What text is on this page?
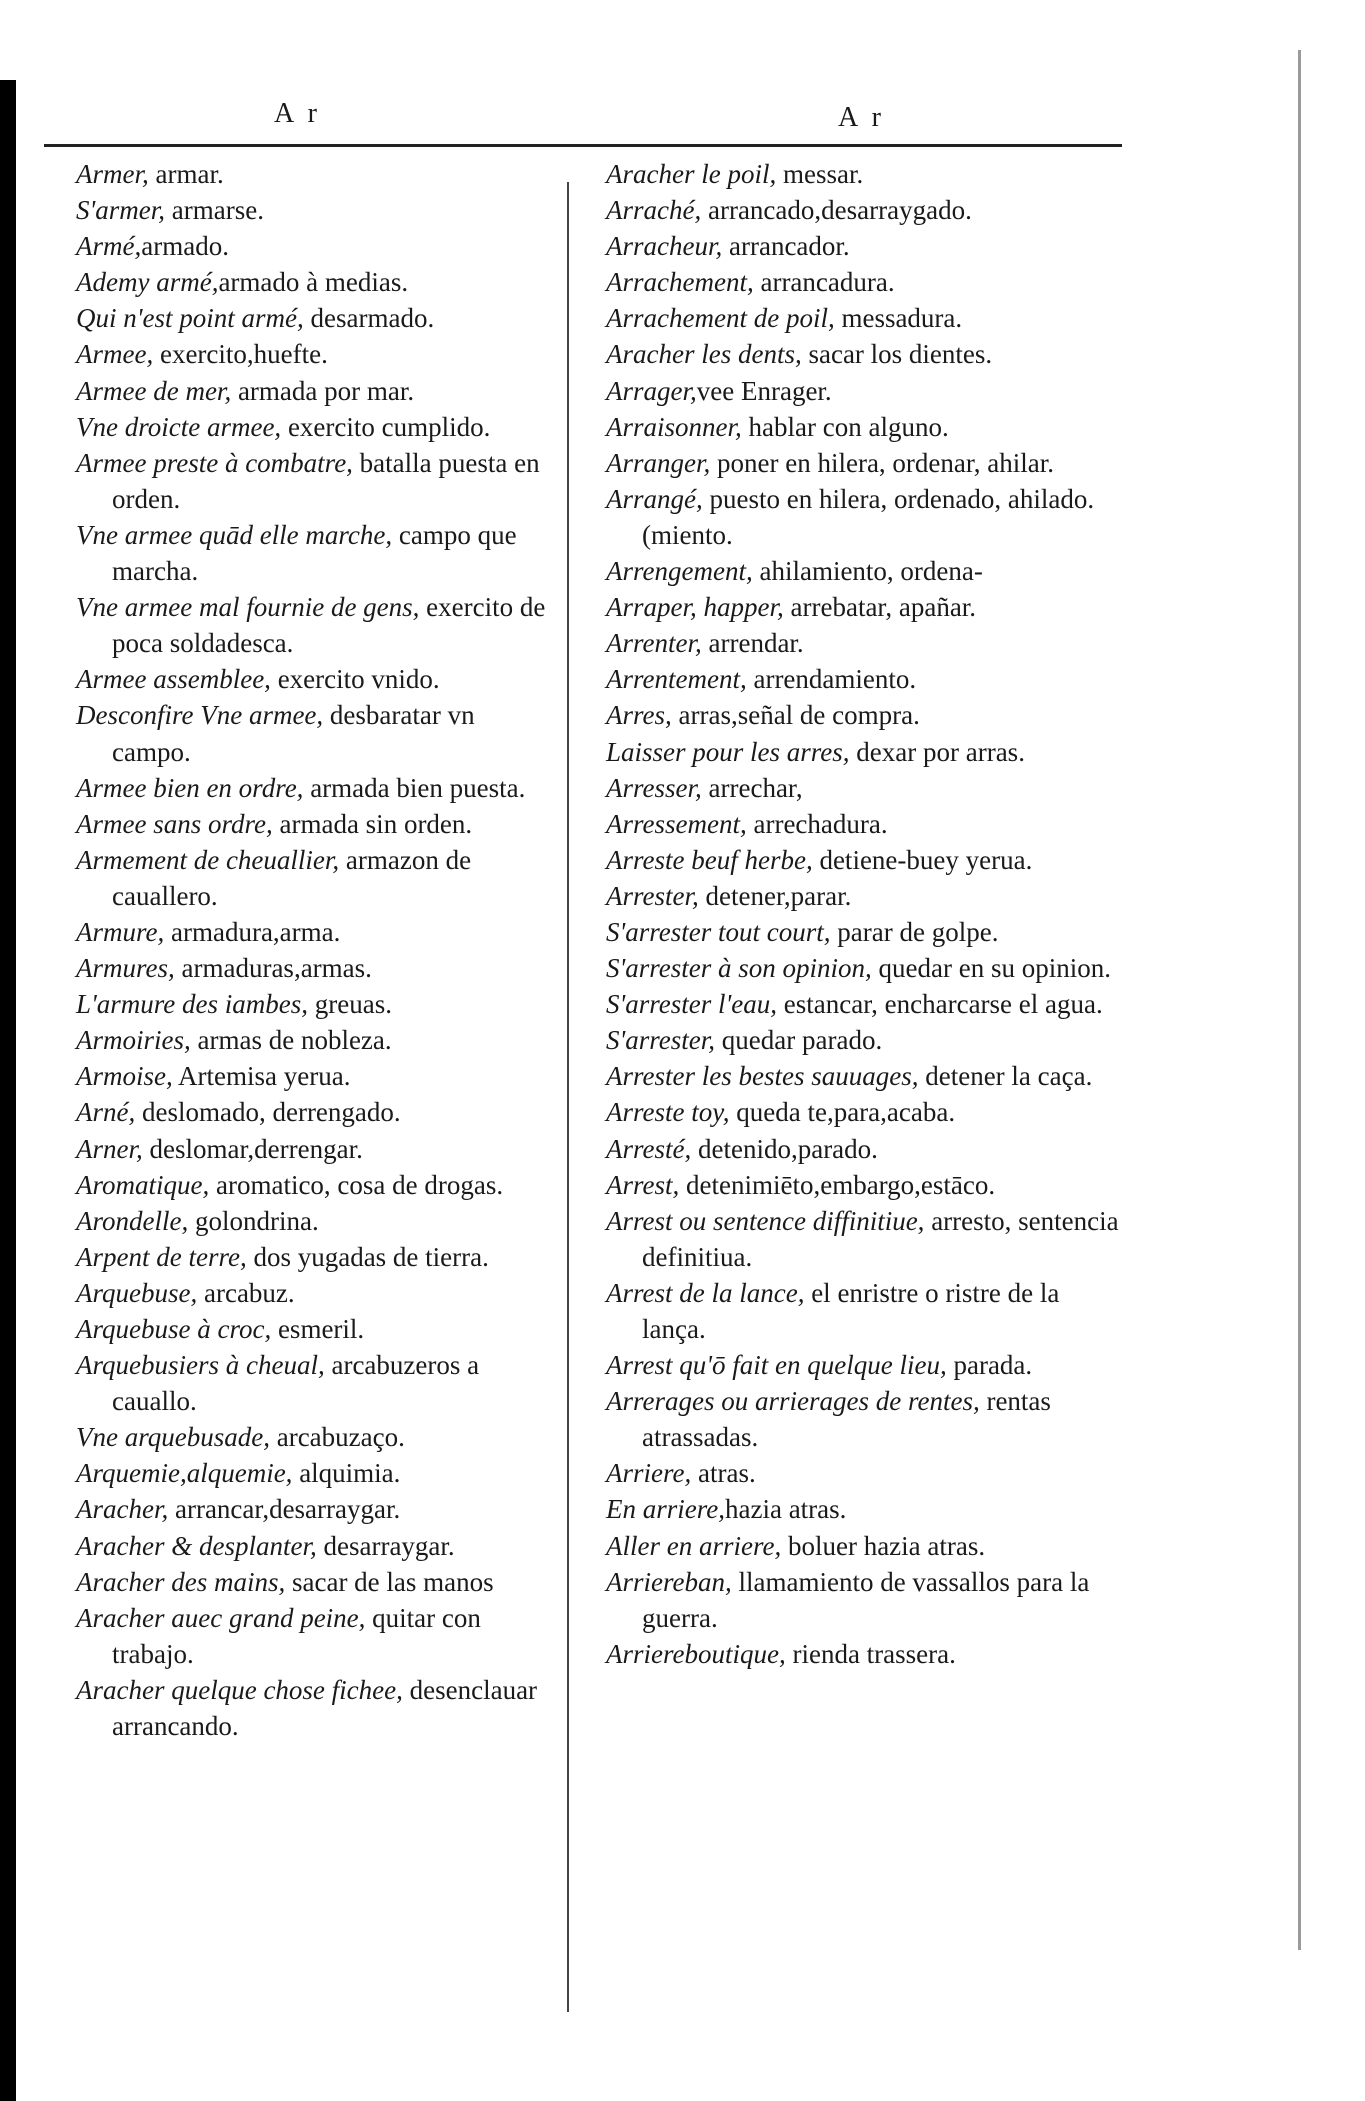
A r	A r
Armer, armar.
S'armer, armarse.
Armé,armado.
Ademy armé,armado à medias.
Qui n'est point armé, desarmado.
Armee, exercito,huefte.
Armee de mer, armada por mar.
Vne droicte armee, exercito cumplido.
Armee preste à combatre, batalla puesta en orden.
Vne armee quād elle marche, campo que marcha.
Vne armee mal fournie de gens, exercito de poca soldadesca.
Armee assemblee, exercito vnido.
Desconfire Vne armee, desbaratar vn campo.
Armee bien en ordre, armada bien puesta.
Armee sans ordre, armada sin orden.
Armement de cheuallier, armazon de cauallero.
Armure, armadura,arma.
Armures, armaduras,armas.
L'armure des iambes, greuas.
Armoiries, armas de nobleza.
Armoise, Artemisa yerua.
Arné, deslomado, derrengado.
Arner, deslomar,derrengar.
Aromatique, aromatico, cosa de drogas.
Arondelle, golondrina.
Arpent de terre, dos yugadas de tierra.
Arquebuse, arcabuz.
Arquebuse à croc, esmeril.
Arquebusiers à cheual, arcabuzeros a cauallo.
Vne arquebusade, arcabuzaço.
Arquemie,alquemie, alquimia.
Aracher, arrancar,desarraygar.
Aracher & desplanter, desarraygar.
Aracher des mains, sacar de las manos
Aracher auec grand peine, quitar con trabajo.
Aracher quelque chose fichee, desenclauar arrancando.
Aracher le poil, messar.
Arraché, arrancado,desarraygado.
Arracheur, arrancador.
Arrachement, arrancadura.
Arrachement de poil, messadura.
Aracher les dents, sacar los dientes.
Arrager,vee Enrager.
Arraisonner, hablar con alguno.
Arranger, poner en hilera, ordenar, ahilar.
Arrangé, puesto en hilera, ordenado, ahilado. (miento.
Arrengement, ahilamiento, ordena-
Arraper, happer, arrebatar, apañar.
Arrenter, arrendar.
Arrentement, arrendamiento.
Arres, arras,señal de compra.
Laisser pour les arres, dexar por arras.
Arresser, arrechar,
Arressement, arrechadura.
Arreste beuf herbe, detiene-buey yerua.
Arrester, detener,parar.
S'arrester tout court, parar de golpe.
S'arrester à son opinion, quedar en su opinion.
S'arrester l'eau, estancar, encharcarse el agua.
S'arrester, quedar parado.
Arrester les bestes sauuages, detener la caça.
Arreste toy, queda te,para,acaba.
Arresté, detenido,parado.
Arrest, detenimiēto,embargo,estāco.
Arrest ou sentence diffinitiue, arresto, sentencia definitiua.
Arrest de la lance, el enristre o ristre de la lança.
Arrest qu'ō fait en quelque lieu, parada.
Arrerages ou arrierages de rentes, rentas atrassadas.
Arriere, atras.
En arriere,hazia atras.
Aller en arriere, boluer hazia atras.
Arriereban, llamamiento de vassallos para la guerra.
Arriereboutique, rienda trassera.
